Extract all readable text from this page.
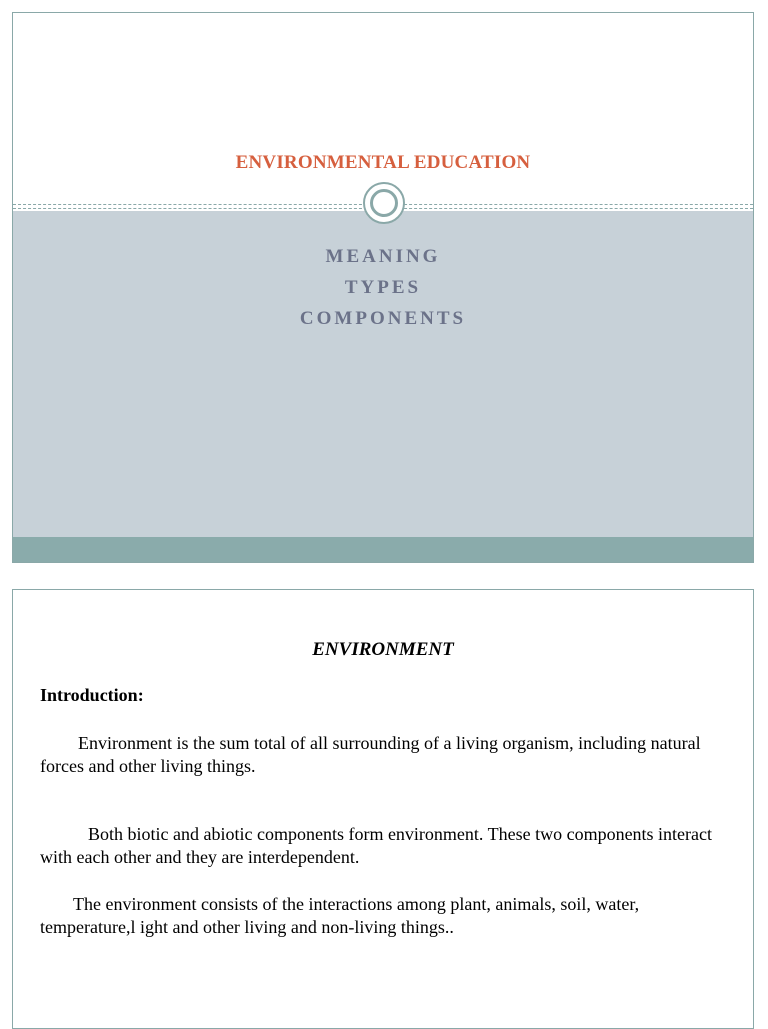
ENVIRONMENTAL EDUCATION
MEANING
TYPES
COMPONENTS
ENVIRONMENT
Introduction:
Environment is the sum total of all surrounding of a living organism, including natural forces and other living things.
Both biotic and abiotic components form environment. These two components interact with each other and they are interdependent.
The environment consists of the interactions among plant, animals, soil, water, temperature,l ight and other living and non-living things..
